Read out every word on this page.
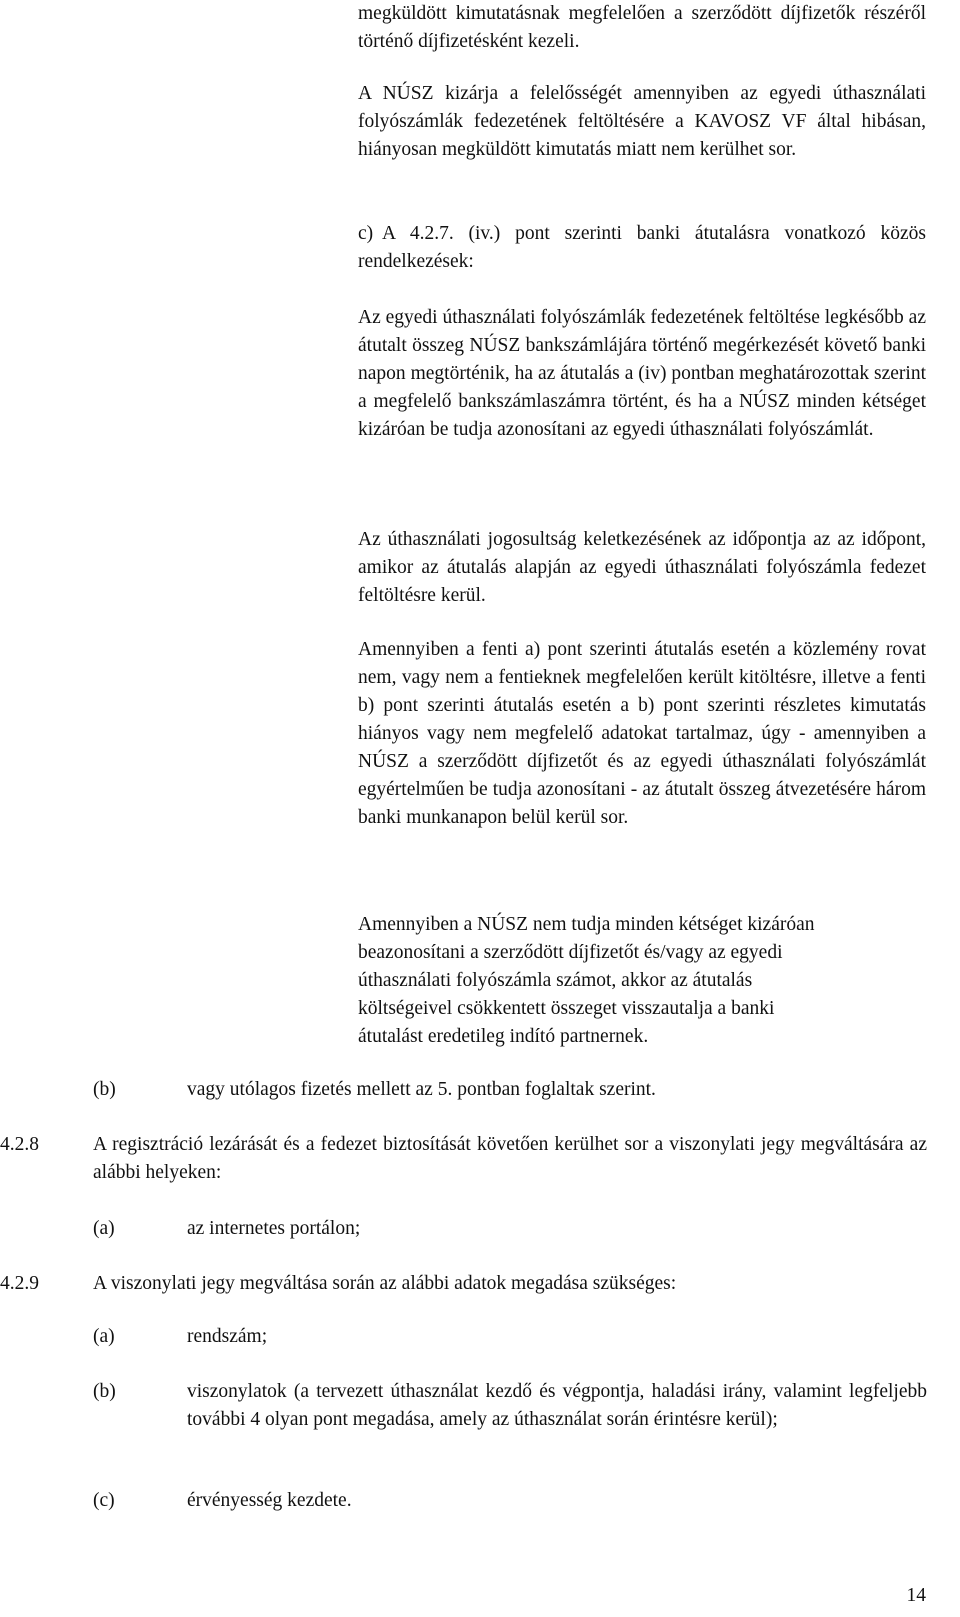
megküldött kimutatásnak megfelelően a szerződött díjfizetők részéről történő díjfizetésként kezeli.

A NÚSZ kizárja a felelősségét amennyiben az egyedi úthasználati folyószámlák fedezetének feltöltésére a KAVOSZ VF által hibásan, hiányosan megküldött kimutatás miatt nem kerülhet sor.

c) A 4.2.7. (iv.) pont szerinti banki átutalásra vonatkozó közös rendelkezések:

Az egyedi úthasználati folyószámlák fedezetének feltöltése legkésőbb az átutalt összeg NÚSZ bankszámlájára történő megérkezését követő banki napon megtörténik, ha az átutalás a (iv) pontban meghatározottak szerint a megfelelő bankszámlaszámra történt, és ha a NÚSZ minden kétséget kizáróan be tudja azonosítani az egyedi úthasználati folyószámlát.

Az úthasználati jogosultság keletkezésének az időpontja az az időpont, amikor az átutalás alapján az egyedi úthasználati folyószámla fedezet feltöltésre kerül.

Amennyiben a fenti a) pont szerinti átutalás esetén a közlemény rovat nem, vagy nem a fentieknek megfelelően került kitöltésre, illetve a fenti b) pont szerinti átutalás esetén a b) pont szerinti részletes kimutatás hiányos vagy nem megfelelő adatokat tartalmaz, úgy - amennyiben a NÚSZ a szerződött díjfizetőt és az egyedi úthasználati folyószámlát egyértelműen be tudja azonosítani - az átutalt összeg átvezetésére három banki munkanapon belül kerül sor.

Amennyiben a NÚSZ nem tudja minden kétséget kizáróan
beazonosítani a szerződött díjfizetőt és/vagy az egyedi
úthasználati folyószámla számot, akkor az átutalás
költségeivel csökkentett összeget visszautalja a banki
átutalást eredetileg indító partnernek.
(b)	vagy utólagos fizetés mellett az 5. pontban foglaltak szerint.
4.2.8	A regisztráció lezárását és a fedezet biztosítását követően kerülhet sor a viszonylati jegy megváltására az alábbi helyeken:

(a)	az internetes portálon;
4.2.9	A viszonylati jegy megváltása során az alábbi adatok megadása szükséges:
(a)	rendszám;
(b)	viszonylatok (a tervezett úthasználat kezdő és végpontja, haladási irány, valamint legfeljebb további 4 olyan pont megadása, amely az úthasználat során érintésre kerül);

(c)	érvényesség kezdete.
14
